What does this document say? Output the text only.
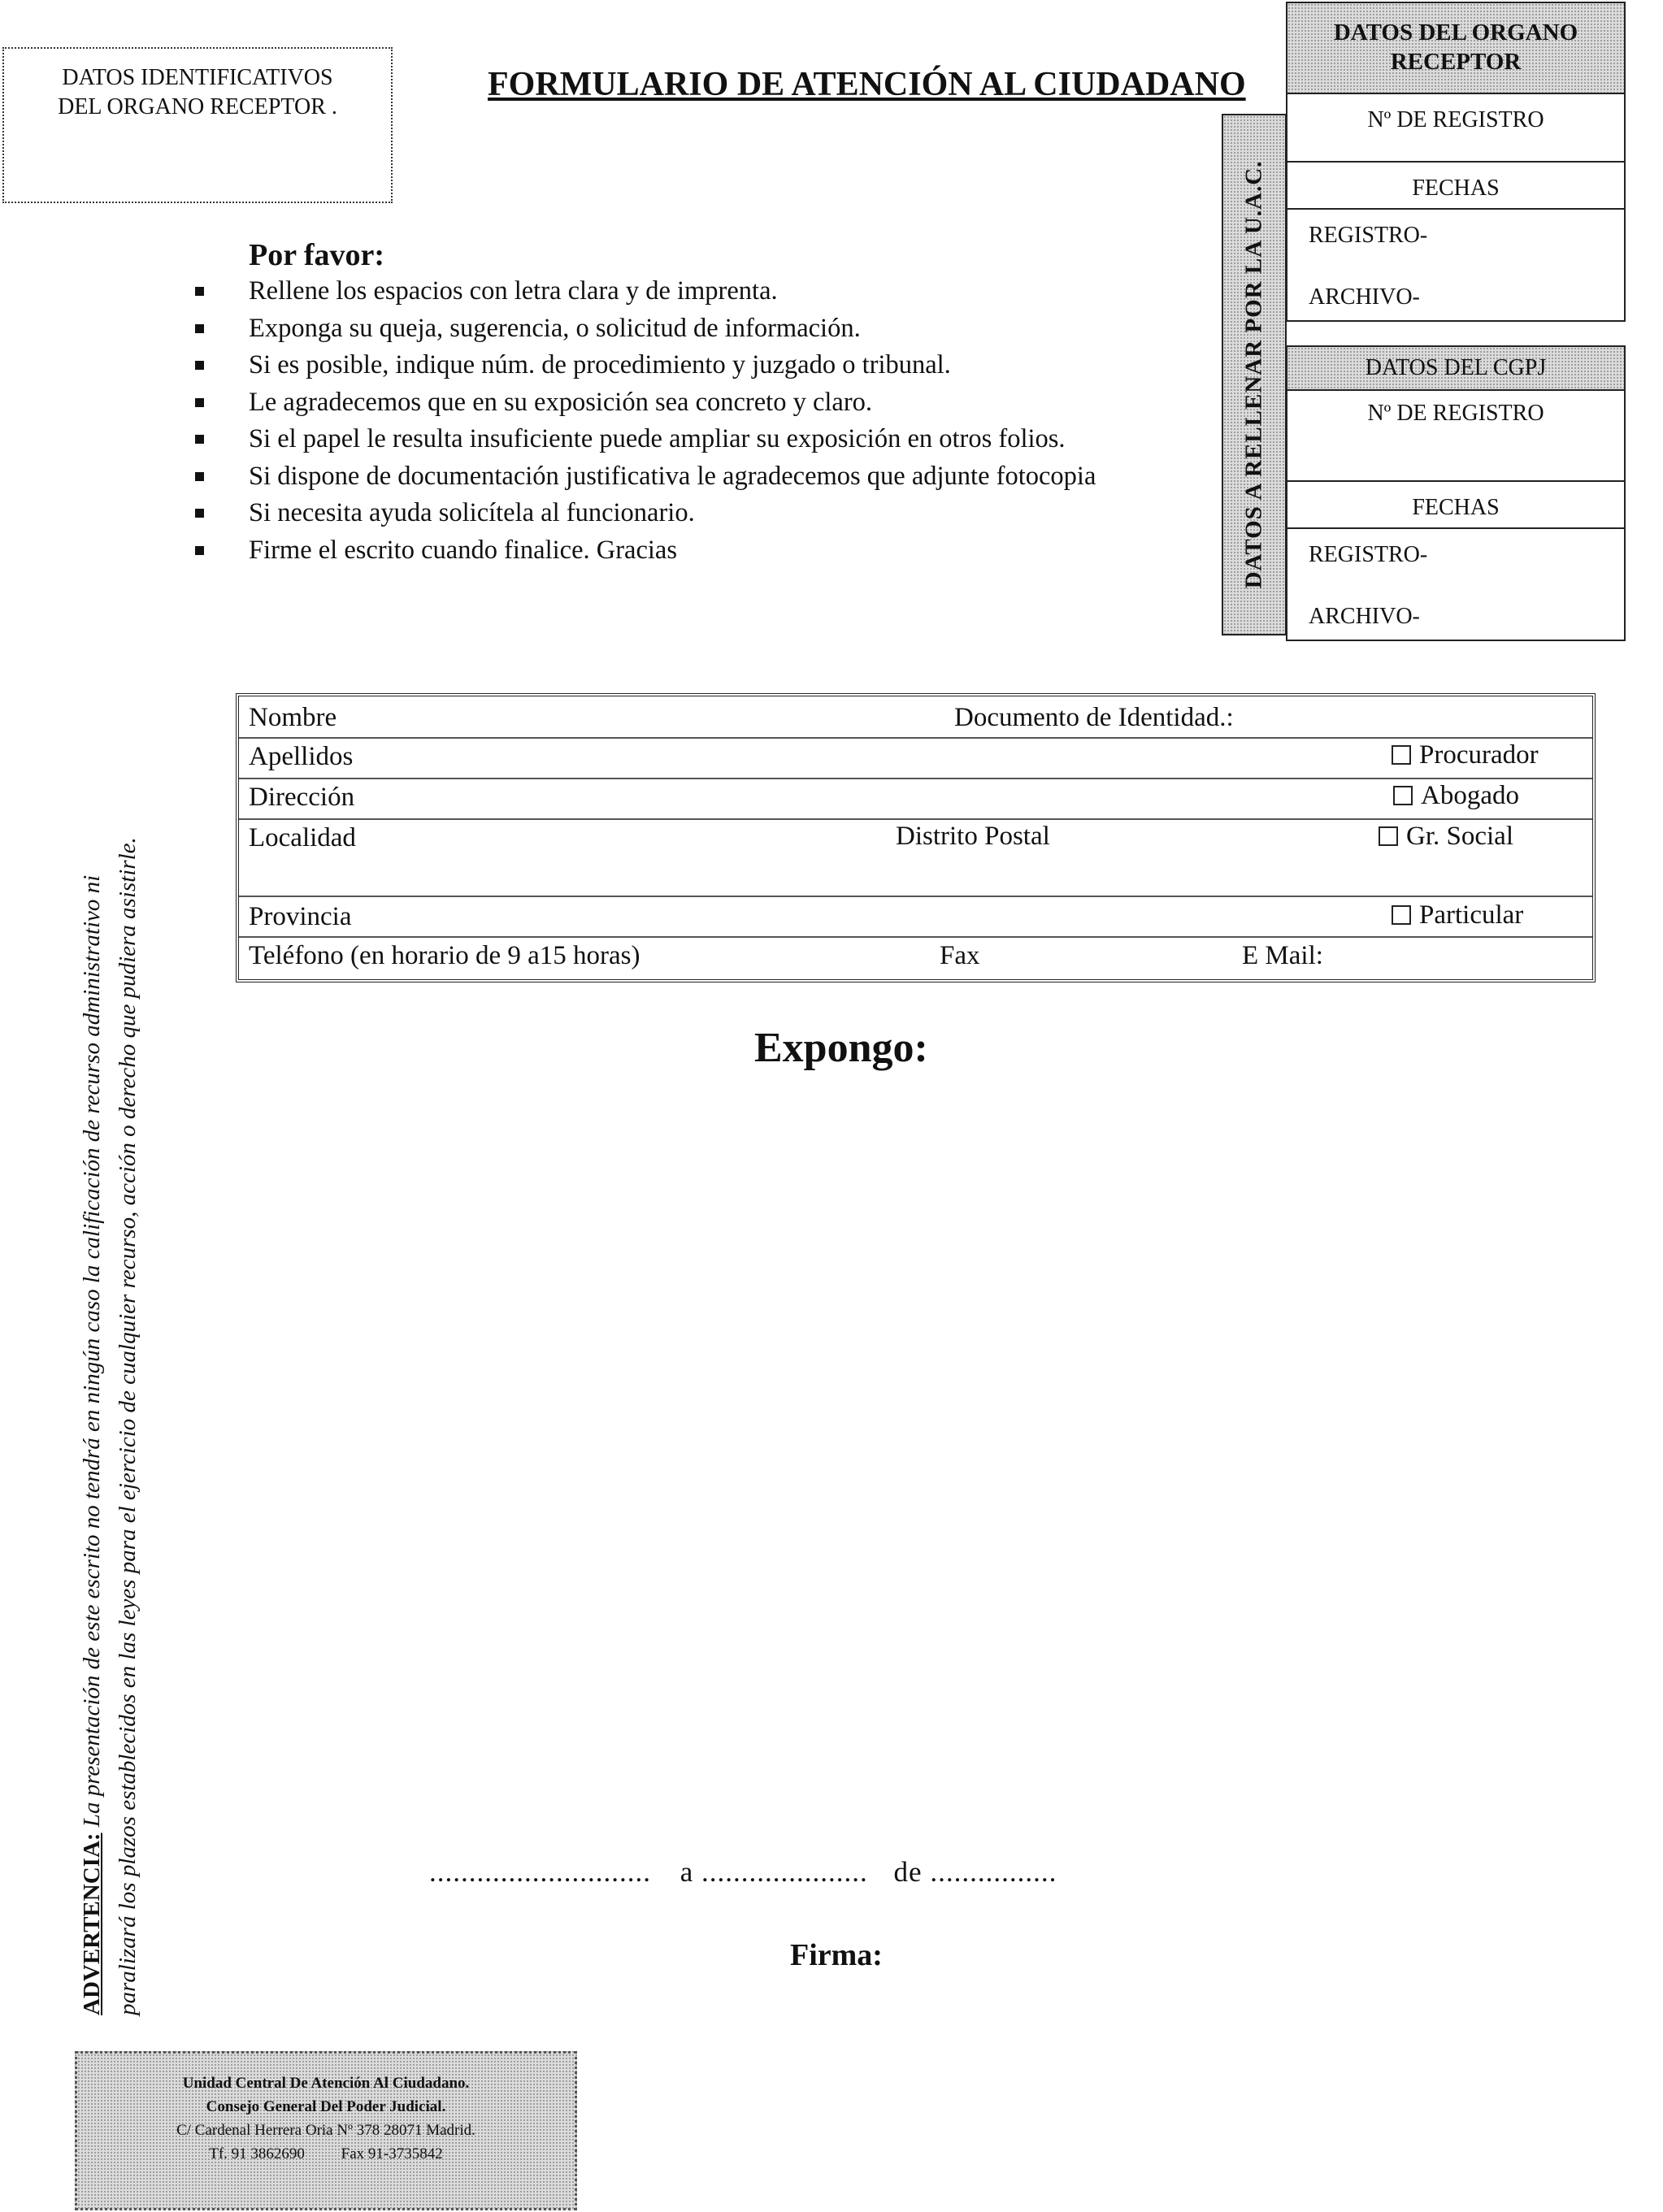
DATOS IDENTIFICATIVOS
DEL ORGANO RECEPTOR .
FORMULARIO DE ATENCIÓN AL CIUDADANO
DATOS A RELLENAR POR LA U.A.C.
DATOS DEL ORGANO
RECEPTOR
Nº DE REGISTRO
FECHAS
REGISTRO-
ARCHIVO-
DATOS DEL CGPJ
Nº DE REGISTRO
FECHAS
REGISTRO-
ARCHIVO-
Por favor:
Rellene los espacios con letra clara y de imprenta.
Exponga su queja, sugerencia, o solicitud de información.
Si es posible, indique núm. de procedimiento y juzgado o tribunal.
Le agradecemos que en su exposición sea concreto y claro.
Si el papel le resulta insuficiente puede ampliar su exposición en otros folios.
Si dispone de documentación justificativa le agradecemos que adjunte fotocopia
Si necesita ayuda solicítela al funcionario.
Firme el escrito cuando finalice. Gracias
ADVERTENCIA: La presentación de este escrito no tendrá en ningún caso la calificación de recurso administrativo ni paralizará los plazos establecidos en las leyes para el ejercicio de cualquier recurso, acción o derecho que pudiera asistirle.
Nombre	Documento de Identidad.:
Apellidos	Procurador
Dirección	Abogado
Localidad	Distrito Postal	Gr. Social
Provincia	Particular
Teléfono (en horario de 9 a15 horas)	Fax	E Mail:
Expongo:
............................ a ..................... de ................
Firma:
Unidad Central De Atención Al Ciudadano.
Consejo General Del Poder Judicial.
C/ Cardenal Herrera Oria Nº 378 28071 Madrid.
Tf. 91 3862690 Fax 91-3735842
